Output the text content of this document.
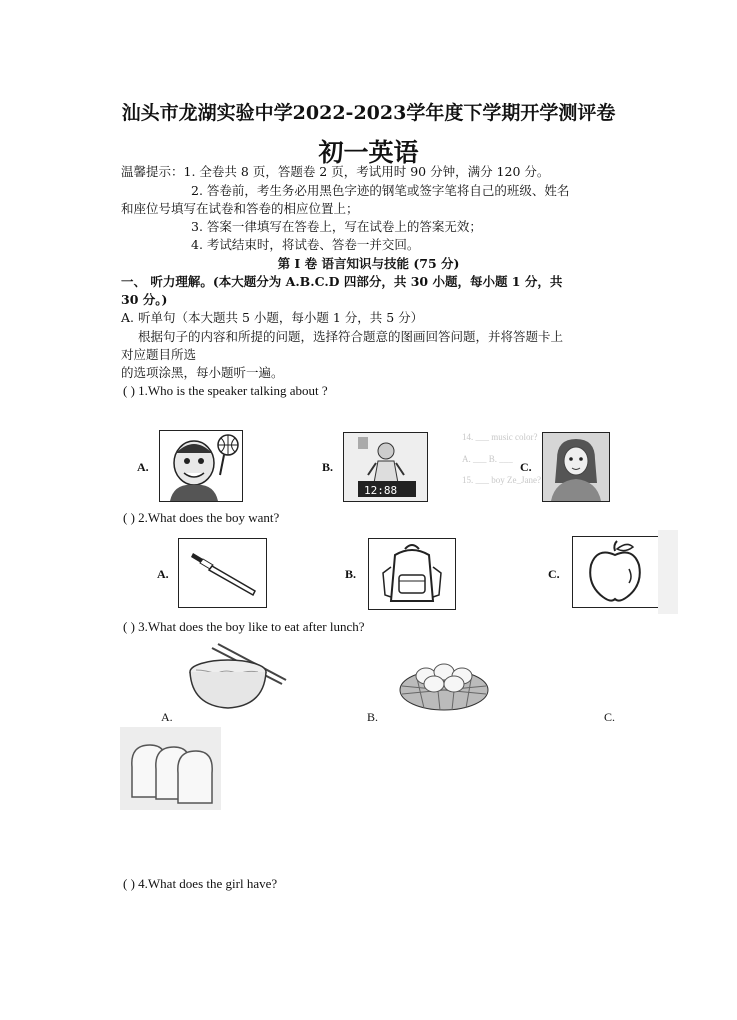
汕头市龙湖实验中学2022-2023学年度下学期开学测评卷
初一英语
温馨提示：1. 全卷共 8 页，答题卷 2 页，考试用时 90 分钟，满分 120 分。
2. 答卷前，考生务必用黑色字迹的钢笔或签字笔将自己的班级、姓名
和座位号填写在试卷和答卷的相应位置上；
3. 答案一律填写在答卷上，写在试卷上的答案无效；
4. 考试结束时，将试卷、答卷一并交回。
第 I 卷 语言知识与技能 (75 分)
一、 听力理解。(本大题分为 A.B.C.D 四部分，共 30 小题，每小题 1 分，共
30 分。)
A. 听单句（本大题共 5 小题，每小题 1 分，共 5 分）
根据句子的内容和所提的问题，选择符合题意的图画回答问题，并将答题卡上
对应题目所选
的选项涂黑，每小题听一遍。
( ) 1.Who is the speaker talking about ?
14. ___ music color?
A. ___ B. ___
15. ___ boy Ze_Jane?
A.	B.
12:88
C.
( ) 2.What does the boy want?
A.	B.	C.
( ) 3.What does the boy like to eat after lunch?
A.	B.	C.
( ) 4.What does the girl have?
